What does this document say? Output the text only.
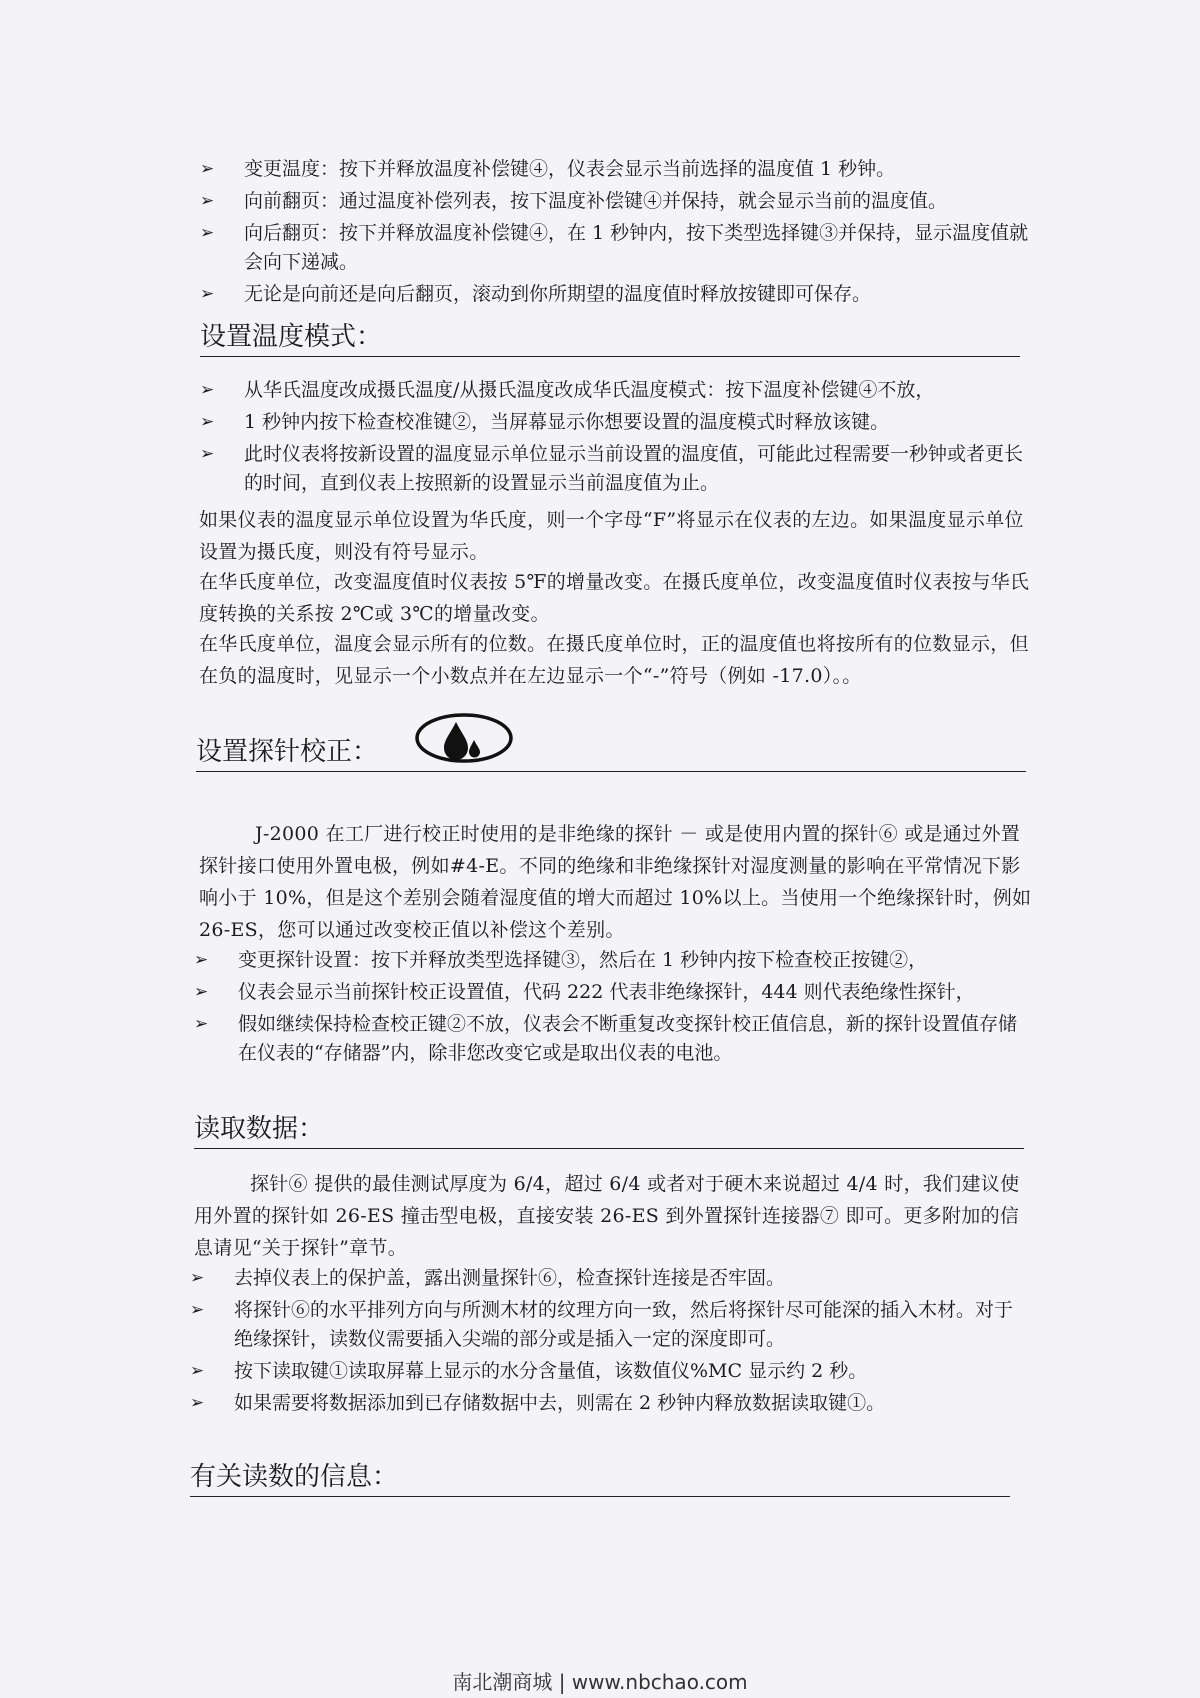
➢ 变更温度：按下并释放温度补偿键④，仪表会显示当前选择的温度值 1 秒钟。
➢ 向前翻页：通过温度补偿列表，按下温度补偿键④并保持，就会显示当前的温度值。
➢ 向后翻页：按下并释放温度补偿键④，在 1 秒钟内，按下类型选择键③并保持，显示温度值就会向下递减。
➢ 无论是向前还是向后翻页，滚动到你所期望的温度值时释放按键即可保存。
设置温度模式：
➢ 从华氏温度改成摄氏温度/从摄氏温度改成华氏温度模式：按下温度补偿键④不放，
➢ 1 秒钟内按下检查校准键②，当屏幕显示你想要设置的温度模式时释放该键。
➢ 此时仪表将按新设置的温度显示单位显示当前设置的温度值，可能此过程需要一秒钟或者更长的时间，直到仪表上按照新的设置显示当前温度值为止。

如果仪表的温度显示单位设置为华氏度，则一个字母“F”将显示在仪表的左边。如果温度显示单位设置为摄氏度，则没有符号显示。

在华氏度单位，改变温度值时仪表按 5℉的增量改变。在摄氏度单位，改变温度值时仪表按与华氏度转换的关系按 2℃或 3℃的增量改变。

在华氏度单位，温度会显示所有的位数。在摄氏度单位时，正的温度值也将按所有的位数显示，但在负的温度时，见显示一个小数点并在左边显示一个“-”符号（例如 -17.0）。。

设置探针校正：

J-2000 在工厂进行校正时使用的是非绝缘的探针 － 或是使用内置的探针⑥ 或是通过外置探针接口使用外置电极，例如#4-E。不同的绝缘和非绝缘探针对湿度测量的影响在平常情况下影响小于 10%，但是这个差别会随着湿度值的增大而超过 10%以上。当使用一个绝缘探针时，例如 26-ES，您可以通过改变校正值以补偿这个差别。

➢ 变更探针设置：按下并释放类型选择键③，然后在 1 秒钟内按下检查校正按键②，
➢ 仪表会显示当前探针校正设置值，代码 222 代表非绝缘探针，444 则代表绝缘性探针，
➢ 假如继续保持检查校正键②不放，仪表会不断重复改变探针校正值信息，新的探针设置值存储在仪表的“存储器”内，除非您改变它或是取出仪表的电池。
读取数据：

探针⑥ 提供的最佳测试厚度为 6/4，超过 6/4 或者对于硬木来说超过 4/4 时，我们建议使用外置的探针如 26-ES 撞击型电极，直接安装 26-ES 到外置探针连接器⑦ 即可。更多附加的信息请见“关于探针”章节。

➢ 去掉仪表上的保护盖，露出测量探针⑥，检查探针连接是否牢固。
➢ 将探针⑥的水平排列方向与所测木材的纹理方向一致，然后将探针尽可能深的插入木材。对于绝缘探针，读数仪需要插入尖端的部分或是插入一定的深度即可。
➢ 按下读取键①读取屏幕上显示的水分含量值，该数值仪%MC 显示约 2 秒。
➢ 如果需要将数据添加到已存储数据中去，则需在 2 秒钟内释放数据读取键①。
有关读数的信息：
南北潮商城 | www.nbchao.com
